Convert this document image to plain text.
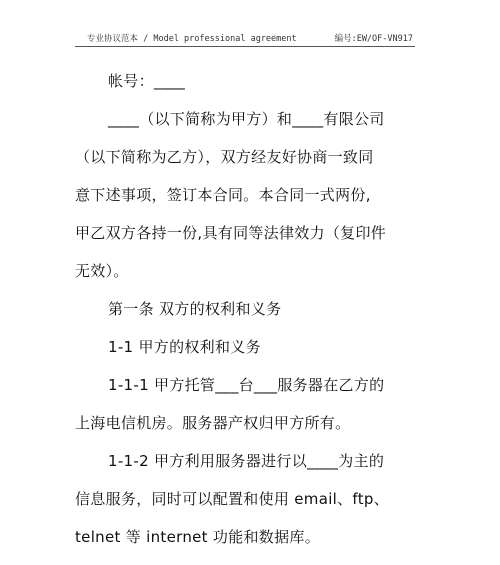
专业协议范本 / Model professional agreement	编号:EW/OF-VN917

帐号：____

____（以下简称为甲方）和____有限公司

（以下简称为乙方），双方经友好协商一致同

意下述事项，签订本合同。本合同一式两份,

甲乙双方各持一份,具有同等法律效力（复印件

无效）。

第一条 双方的权利和义务

1-1 甲方的权利和义务

1-1-1 甲方托管___台___服务器在乙方的

上海电信机房。服务器产权归甲方所有。

1-1-2 甲方利用服务器进行以____为主的

信息服务，同时可以配置和使用 email、ftp、

telnet 等 internet 功能和数据库。
